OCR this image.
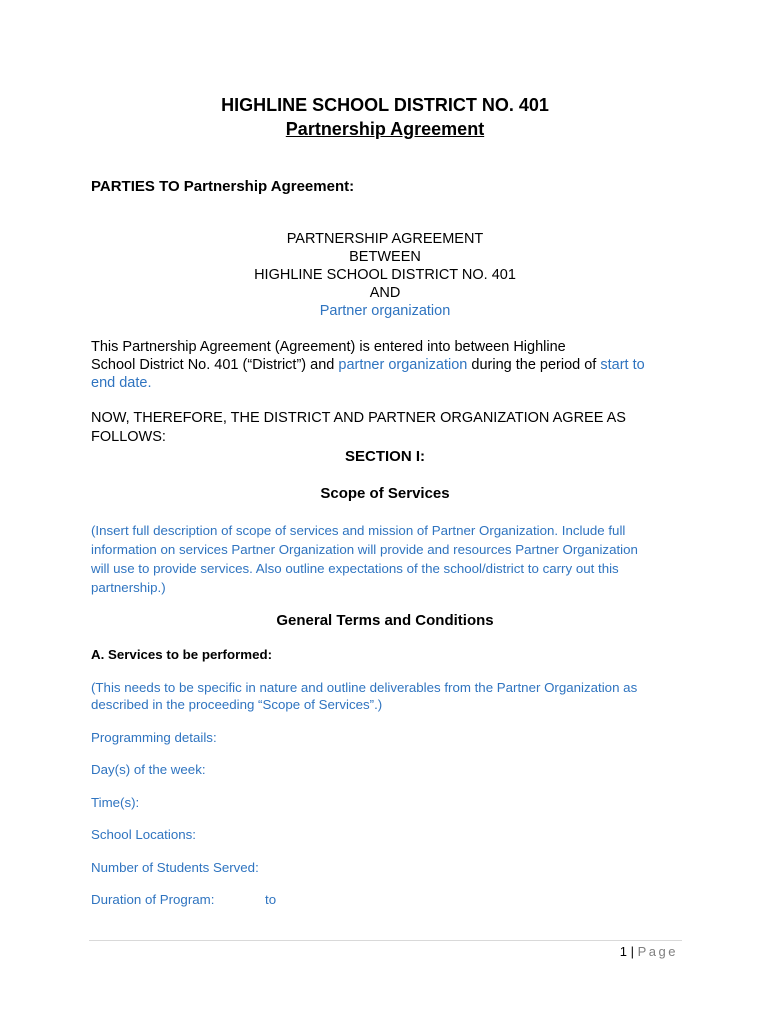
HIGHLINE SCHOOL DISTRICT NO. 401
Partnership Agreement
PARTIES TO Partnership Agreement:
PARTNERSHIP AGREEMENT
BETWEEN
HIGHLINE SCHOOL DISTRICT NO. 401
AND
Partner organization
This Partnership Agreement (Agreement) is entered into between Highline
School District No. 401 (“District”) and partner organization during the period of start to
end date.
NOW, THEREFORE, THE DISTRICT AND PARTNER ORGANIZATION AGREE AS
FOLLOWS:
SECTION I:
Scope of Services
(Insert full description of scope of services and mission of Partner Organization. Include full
information on services Partner Organization will provide and resources Partner Organization
will use to provide services. Also outline expectations of the school/district to carry out this
partnership.)
General Terms and Conditions
A. Services to be performed:
(This needs to be specific in nature and outline deliverables from the Partner Organization as
described in the proceeding “Scope of Services”.)
Programming details:
Day(s) of the week:
Time(s):
School Locations:
Number of Students Served:
Duration of Program:	to
1 | Page
